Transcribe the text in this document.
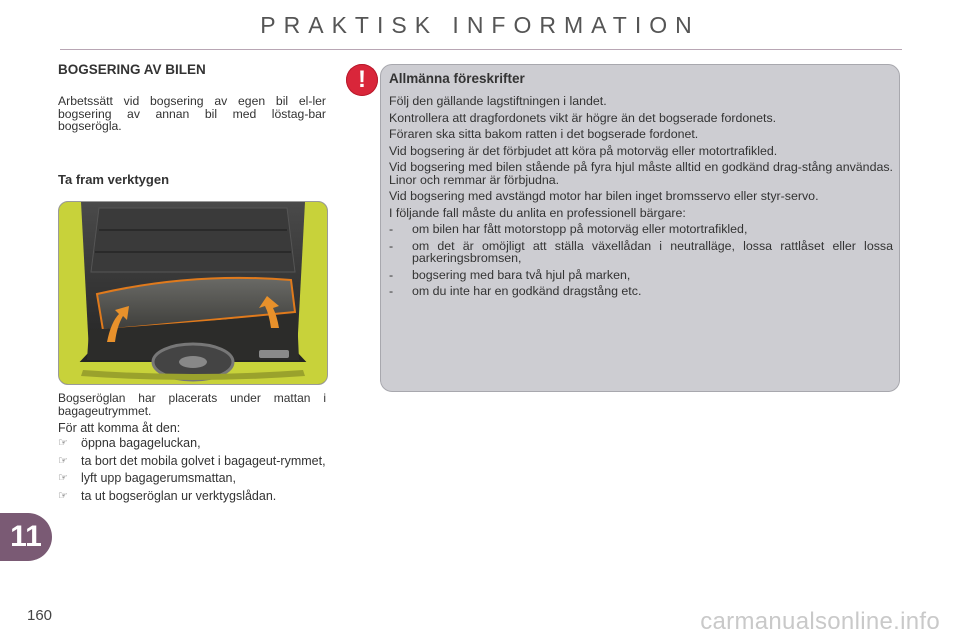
PRAKTISK INFORMATION
BOGSERING AV BILEN
Arbetssätt vid bogsering av egen bil el-ler bogsering av annan bil med löstag-bar bogserögla.
Ta fram verktygen
Bogseröglan har placerats under mattan i bagageutrymmet.
För att komma åt den:
☞ öppna bagageluckan,
☞ ta bort det mobila golvet i bagageut-rymmet,
☞ lyft upp bagagerumsmattan,
☞ ta ut bogseröglan ur verktygslådan.
!	Allmänna föreskrifter

Följ den gällande lagstiftningen i landet.

Kontrollera att dragfordonets vikt är högre än det bogserade fordonets.

Föraren ska sitta bakom ratten i det bogserade fordonet.

Vid bogsering är det förbjudet att köra på motorväg eller motortrafikled.

Vid bogsering med bilen stående på fyra hjul måste alltid en godkänd drag-stång användas. Linor och remmar är förbjudna.

Vid bogsering med avstängd motor har bilen inget bromsservo eller styr-servo.

I följande fall måste du anlita en professionell bärgare:

- om bilen har fått motorstopp på motorväg eller motortrafikled,

- om det är omöjligt att ställa växellådan i neutralläge, lossa rattlåset eller lossa parkeringsbromsen,

- bogsering med bara två hjul på marken,

- om du inte har en godkänd dragstång etc.

11
160	carmanualsonline.info
